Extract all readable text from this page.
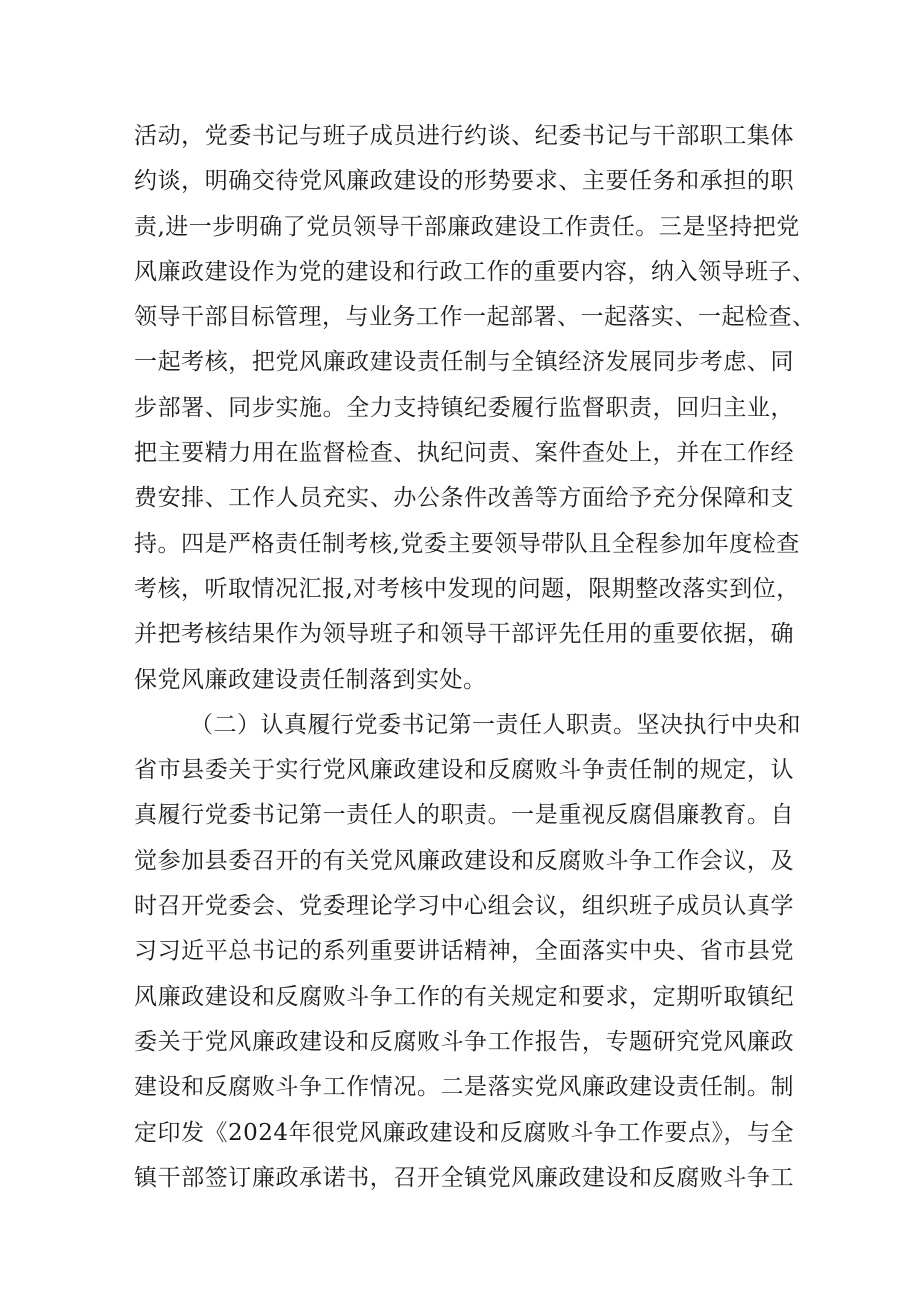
活动，党委书记与班子成员进行约谈、纪委书记与干部职工集体
约谈，明确交待党风廉政建设的形势要求、主要任务和承担的职
责,进一步明确了党员领导干部廉政建设工作责任。三是坚持把党
风廉政建设作为党的建设和行政工作的重要内容，纳入领导班子、
领导干部目标管理，与业务工作一起部署、一起落实、一起检查、
一起考核，把党风廉政建设责任制与全镇经济发展同步考虑、同
步部署、同步实施。全力支持镇纪委履行监督职责，回归主业，
把主要精力用在监督检查、执纪问责、案件查处上，并在工作经
费安排、工作人员充实、办公条件改善等方面给予充分保障和支
持。四是严格责任制考核,党委主要领导带队且全程参加年度检查
考核，听取情况汇报,对考核中发现的问题，限期整改落实到位，
并把考核结果作为领导班子和领导干部评先任用的重要依据，确
保党风廉政建设责任制落到实处。
（二）认真履行党委书记第一责任人职责。坚决执行中央和
省市县委关于实行党风廉政建设和反腐败斗争责任制的规定，认
真履行党委书记第一责任人的职责。一是重视反腐倡廉教育。自
觉参加县委召开的有关党风廉政建设和反腐败斗争工作会议，及
时召开党委会、党委理论学习中心组会议，组织班子成员认真学
习习近平总书记的系列重要讲话精神，全面落实中央、省市县党
风廉政建设和反腐败斗争工作的有关规定和要求，定期听取镇纪
委关于党风廉政建设和反腐败斗争工作报告，专题研究党风廉政
建设和反腐败斗争工作情况。二是落实党风廉政建设责任制。制
定印发《2024年很党风廉政建设和反腐败斗争工作要点》，与全
镇干部签订廉政承诺书，召开全镇党风廉政建设和反腐败斗争工
